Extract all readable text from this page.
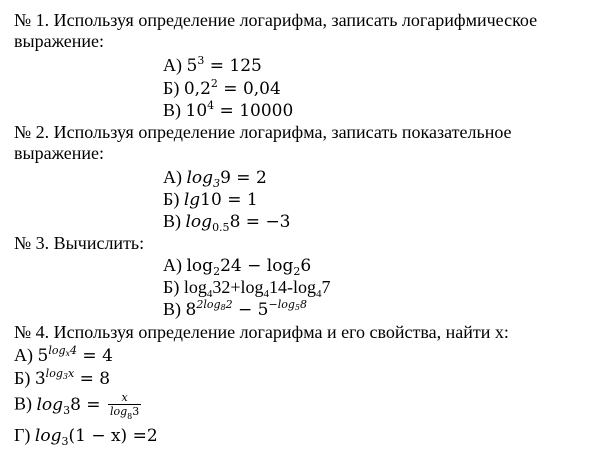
№ 1. Используя определение логарифма, записать логарифмическое
выражение:
А) $5^3 = 125$
Б) $0,2^2 = 0,04$
В) $10^4 = 10000$
№ 2. Используя определение логарифма, записать показательное
выражение:
А) $\log_39 = 2$
Б) lg10 = 1
В) $\log_{0.5}8 = -3$
№ 3. Вычислить:
А) $\log_224 - \log_26$
Б) $\log_432+\log_414-\log_47$
В) $8^{2log82} - 5^{-log58}$
№ 4. Используя определение логарифма и его свойства, найти x:
А) $5^{logx4} = 4$
Б) $3^{log3x} = 8$
В) $\log_38 = \frac{x}{\log_83}$
Г) $\log_3(1 - x) =2$
